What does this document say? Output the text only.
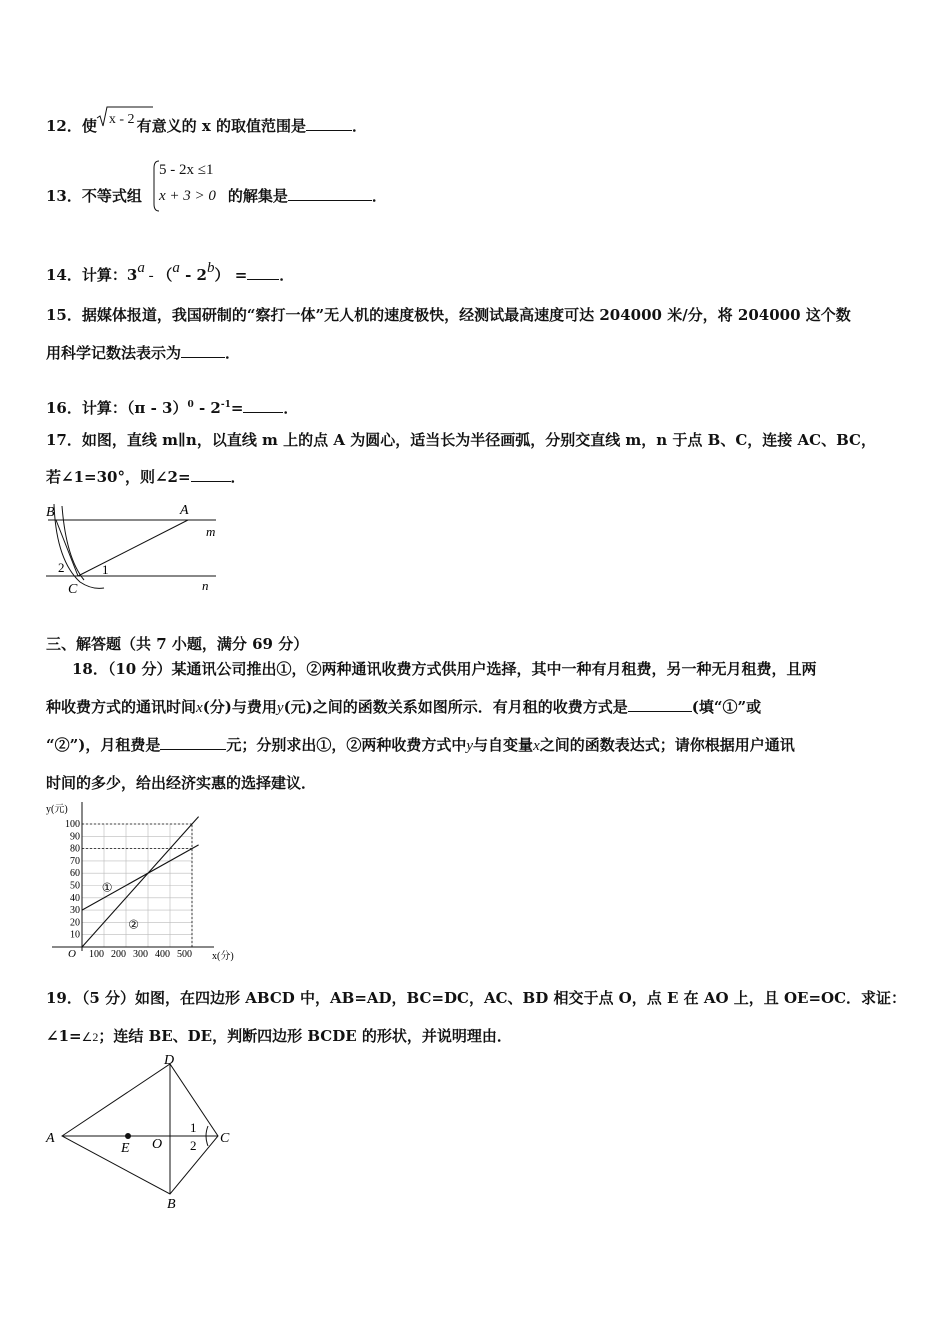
12．使 x - 2 有意义的 x 的取值范围是	．
13．不等式组	的解集是	．
5 - 2x ≤1
x + 3 > 0
14．计算：3a - （a - 2b） = ．
15．据媒体报道，我国研制的“察打一体”无人机的速度极快，经测试最高速度可达 204000 米/分，将 204000 这个数
用科学记数法表示为	．
16．计算：$(\pi - 3)^0 - 2^{-1}=$	．
17．如图，直线 m∥n，以直线 m 上的点 A 为圆心，适当长为半径画弧，分别交直线 m，n 于点 B、C，连接 AC、BC，
若∠1=30°，则∠2=	．
B	A
m
n
C
1
2
三、解答题（共 7 小题，满分 69 分）
18．（10 分）某通讯公司推出①，②两种通讯收费方式供用户选择，其中一种有月租费，另一种无月租费，且两
种收费方式的通讯时间x(分)与费用y(元)之间的函数关系如图所示．有月租的收费方式是	(填“①”或
“②”)，月租费是	元；分别求出①，②两种收费方式中y与自变量x之间的函数表达式；请你根据用户通讯
时间的多少，给出经济实惠的选择建议．
10
20
30
40
50
60
70
80
90
100
100 200 300 400 500
O
y(元)
x(分)
①
②
19．（5 分）如图，在四边形 ABCD 中，AB=AD，BC=DC，AC、BD 相交于点 O，点 E 在 AO 上，且 OE=OC．求证：
∠1=∠2；连结 BE、DE，判断四边形 BCDE 的形状，并说明理由．
A
D
C
B
E O
1
2
